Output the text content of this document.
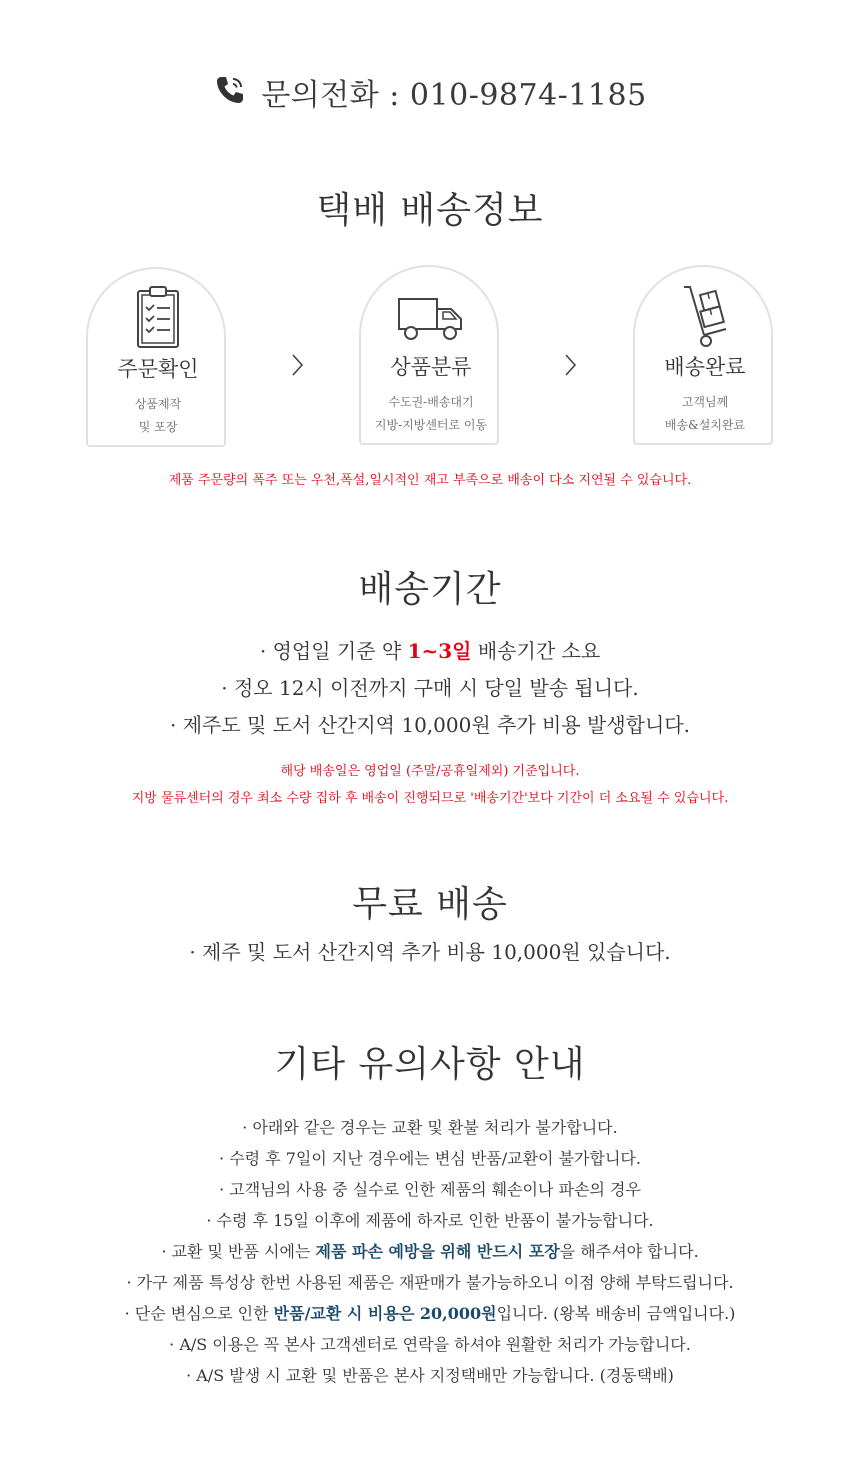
문의전화 : 010-9874-1185
택배 배송정보
주문확인
상품제작
및 포장
상품분류
수도권-배송대기
지방-지방센터로 이동
배송완료
고객님께
배송&설치완료
제품 주문량의 폭주 또는 우천,폭설,일시적인 재고 부족으로 배송이 다소 지연될 수 있습니다.
배송기간
· 영업일 기준 약 1~3일 배송기간 소요
· 정오 12시 이전까지 구매 시 당일 발송 됩니다.
· 제주도 및 도서 산간지역 10,000원 추가 비용 발생합니다.
해당 배송일은 영업일 (주말/공휴일제외) 기준입니다.
지방 물류센터의 경우 최소 수량 집하 후 배송이 진행되므로 '배송기간'보다 기간이 더 소요될 수 있습니다.
무료 배송
· 제주 및 도서 산간지역 추가 비용 10,000원 있습니다.
기타 유의사항 안내
· 아래와 같은 경우는 교환 및 환불 처리가 불가합니다.
· 수령 후 7일이 지난 경우에는 변심 반품/교환이 불가합니다.
· 고객님의 사용 중 실수로 인한 제품의 훼손이나 파손의 경우
· 수령 후 15일 이후에 제품에 하자로 인한 반품이 불가능합니다.
· 교환 및 반품 시에는 제품 파손 예방을 위해 반드시 포장을 해주셔야 합니다.
· 가구 제품 특성상 한번 사용된 제품은 재판매가 불가능하오니 이점 양해 부탁드립니다.
· 단순 변심으로 인한 반품/교환 시 비용은 20,000원입니다. (왕복 배송비 금액입니다.)
· A/S 이용은 꼭 본사 고객센터로 연락을 하셔야 원활한 처리가 가능합니다.
· A/S 발생 시 교환 및 반품은 본사 지정택배만 가능합니다. (경동택배)
